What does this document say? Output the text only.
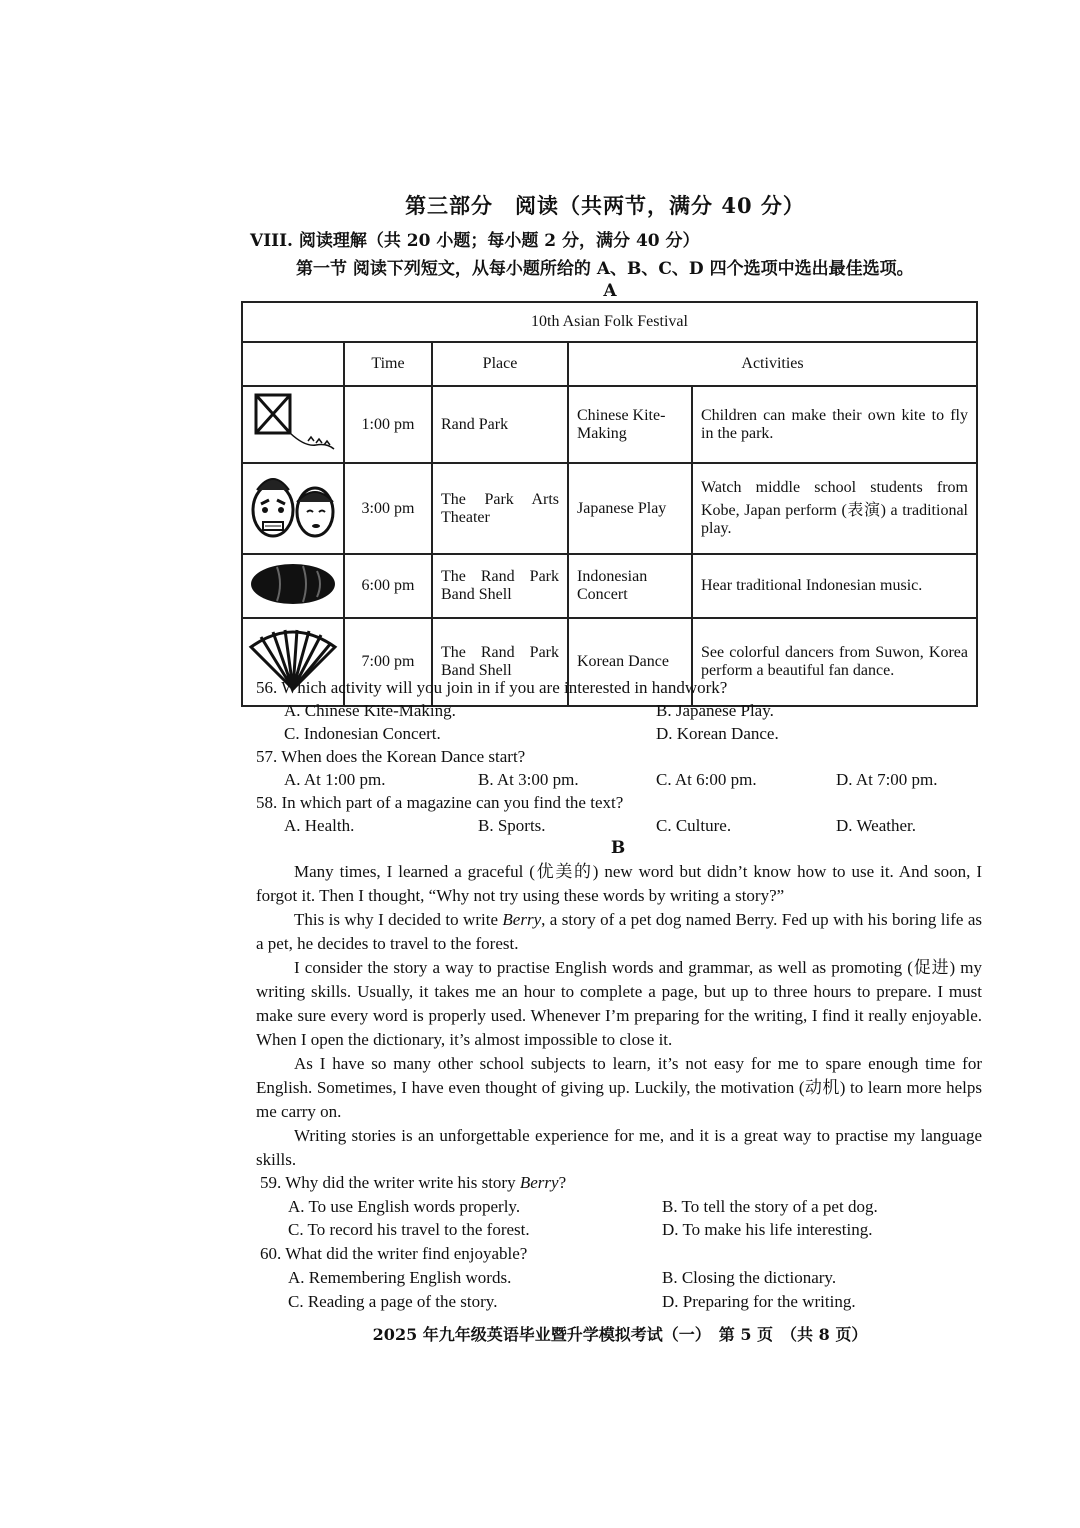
第三部分　阅读（共两节，满分 40 分）
VIII. 阅读理解（共 20 小题；每小题 2 分，满分 40 分）
第一节 阅读下列短文，从每小题所给的 A、B、C、D 四个选项中选出最佳选项。
A
10th Asian Folk Festival				
	Time	Place	Activities	
	1:00 pm	Rand Park	Chinese Kite-Making	Children can make their own kite to fly in the park.
	3:00 pm	The Park Arts Theater	Japanese Play	Watch middle school students from Kobe, Japan perform (表演) a traditional play.
	6:00 pm	The Rand Park Band Shell	Indonesian Concert	Hear traditional Indonesian music.
	7:00 pm	The Rand Park Band Shell	Korean Dance	See colorful dancers from Suwon, Korea perform a beautiful fan dance.
56. Which activity will you join in if you are interested in handwork?
A. Chinese Kite-Making.	B. Japanese Play.
C. Indonesian Concert.	D. Korean Dance.
57. When does the Korean Dance start?
A. At 1:00 pm.	B. At 3:00 pm.	C. At 6:00 pm.	D. At 7:00 pm.
58. In which part of a magazine can you find the text?
A. Health.	B. Sports.	C. Culture.	D. Weather.
B

Many times, I learned a graceful (优美的) new word but didn’t know how to use it. And soon, I forgot it. Then I thought, “Why not try using these words by writing a story?”

This is why I decided to write Berry, a story of a pet dog named Berry. Fed up with his boring life as a pet, he decides to travel to the forest.

I consider the story a way to practise English words and grammar, as well as promoting (促进) my writing skills. Usually, it takes me an hour to complete a page, but up to three hours to prepare. I must make sure every word is properly used. Whenever I’m preparing for the writing, I find it really enjoyable. When I open the dictionary, it’s almost impossible to close it.

As I have so many other school subjects to learn, it’s not easy for me to spare enough time for English. Sometimes, I have even thought of giving up. Luckily, the motivation (动机) to learn more helps me carry on.

Writing stories is an unforgettable experience for me, and it is a great way to practise my language skills.

59. Why did the writer write his story Berry?
A. To use English words properly.	B. To tell the story of a pet dog.
C. To record his travel to the forest.	D. To make his life interesting.
60. What did the writer find enjoyable?
A. Remembering English words.	B. Closing the dictionary.
C. Reading a page of the story.	D. Preparing for the writing.
2025 年九年级英语毕业暨升学模拟考试（一）　第 5 页　（共 8 页）
